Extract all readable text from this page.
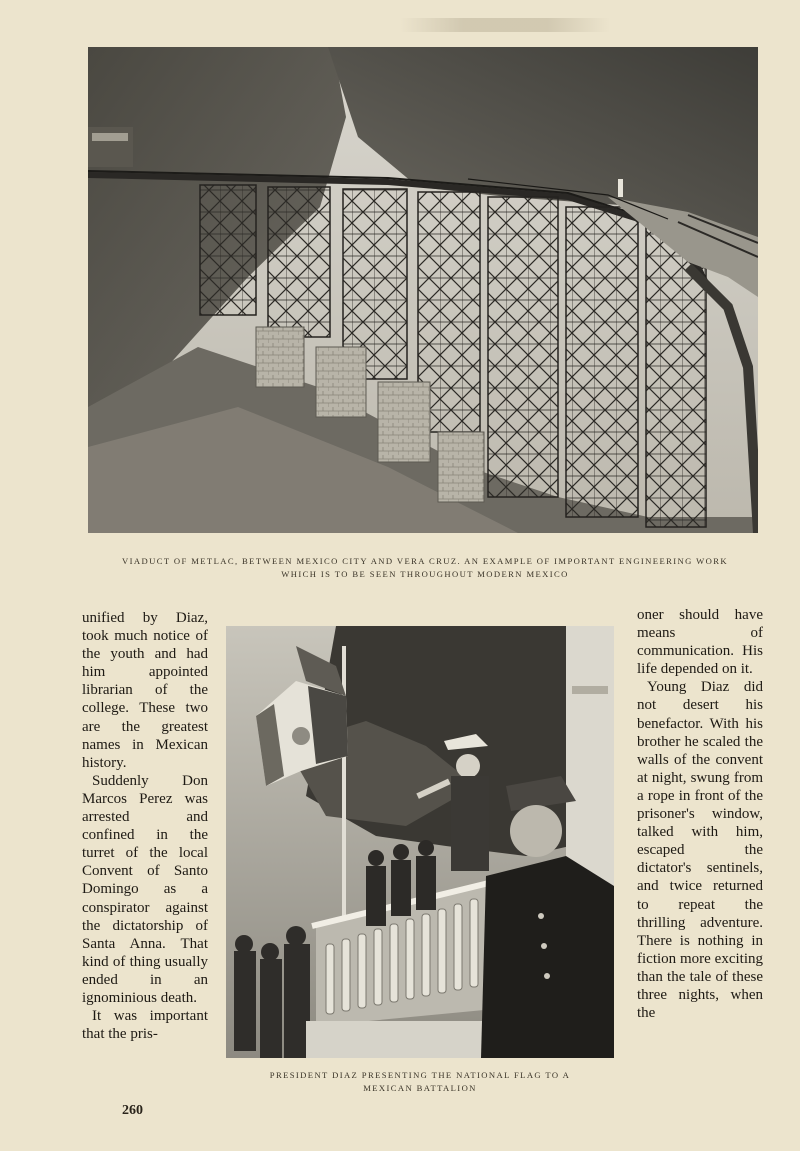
VIADUCT OF METLAC, BETWEEN MEXICO CITY AND VERA CRUZ. AN EXAMPLE OF IMPORTANT ENGINEERING WORK
WHICH IS TO BE SEEN THROUGHOUT MODERN MEXICO

unified by Diaz, took much notice of the youth and had him appointed librarian of the college. These two are the greatest names in Mexican history.

Suddenly Don Marcos Perez was arrested and confined in the turret of the local Convent of Santo Domingo as a conspirator against the dictatorship of Santa Anna. That kind of thing usually ended in an ignominious death.

It was important that the pris-

PRESIDENT DIAZ PRESENTING THE NATIONAL FLAG TO A
MEXICAN BATTALION

oner should have means of communication. His life depended on it.

Young Diaz did not desert his benefactor. With his brother he scaled the walls of the convent at night, swung from a rope in front of the prisoner's window, talked with him, escaped the dictator's sentinels, and twice returned to repeat the thrilling adventure. There is nothing in fiction more exciting than the tale of these three nights, when the

260
